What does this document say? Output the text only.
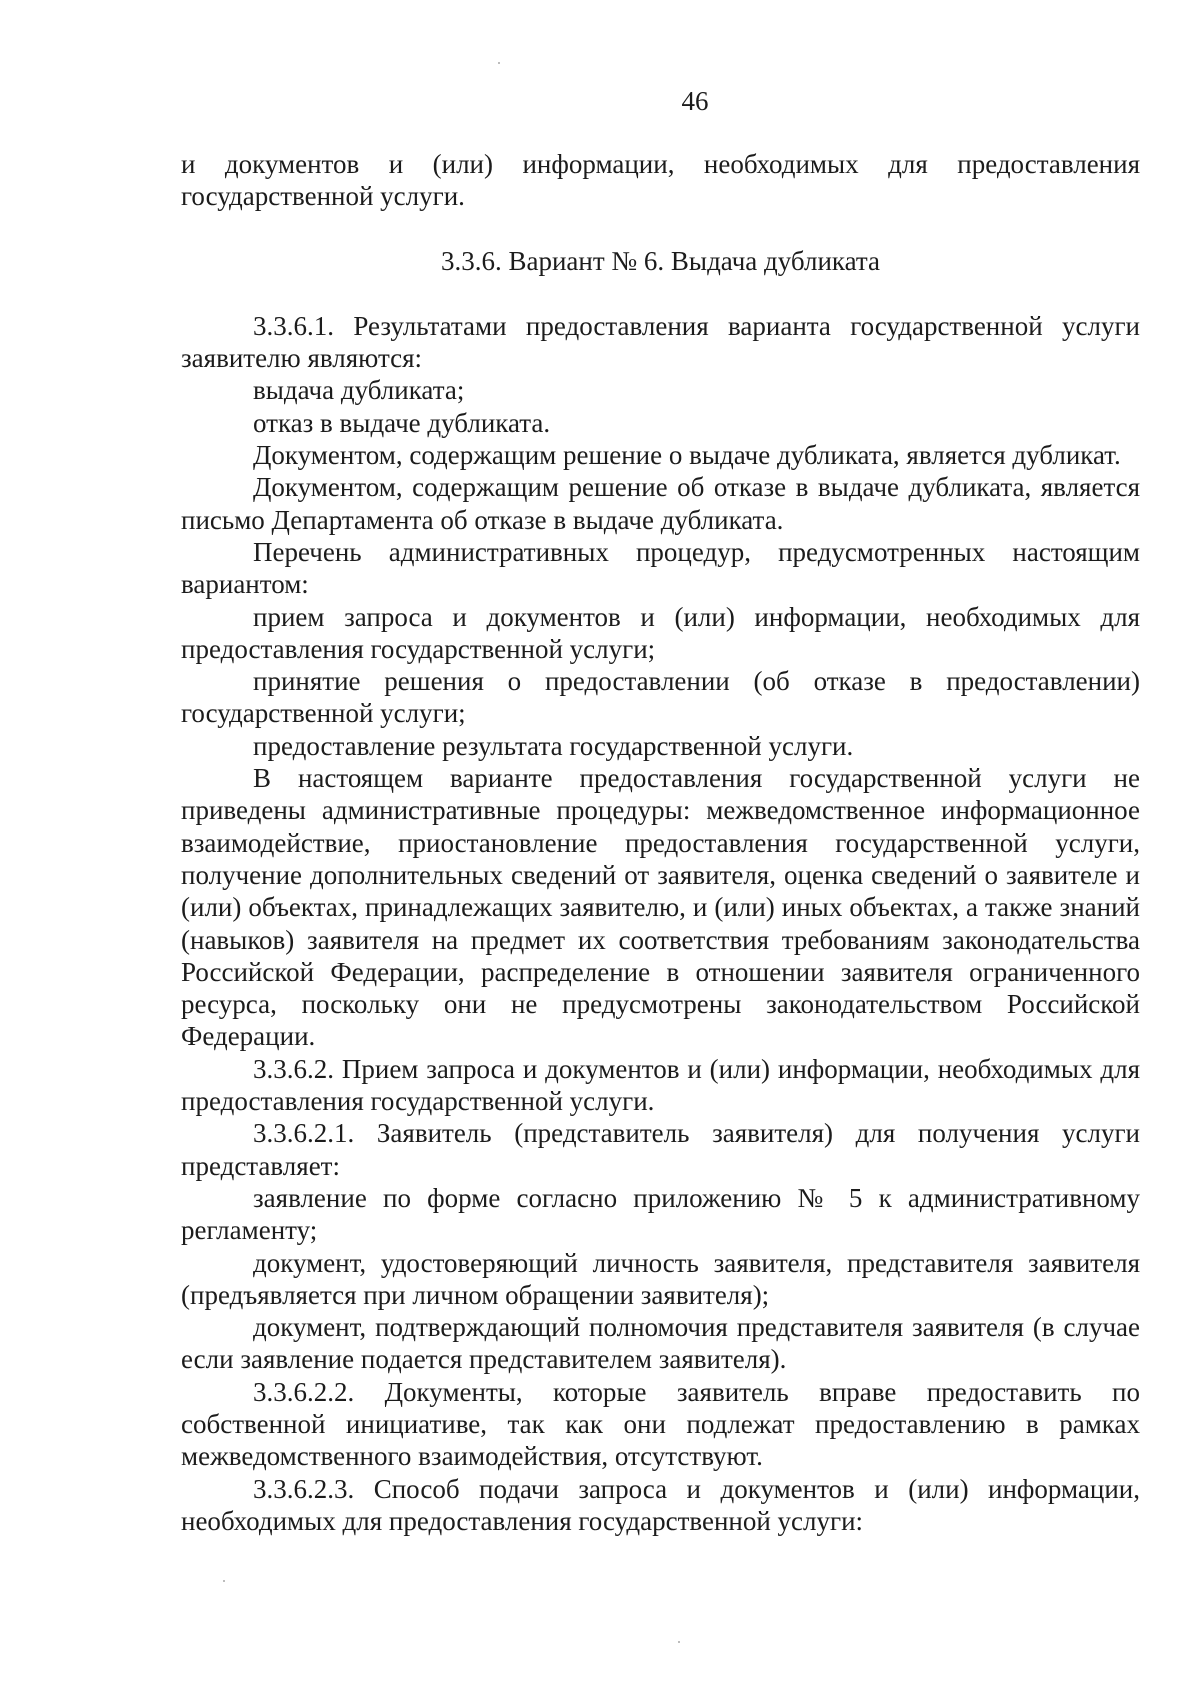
46

и документов и (или) информации, необходимых для предоставления государственной услуги.

3.3.6. Вариант № 6. Выдача дубликата

3.3.6.1. Результатами предоставления варианта государственной услуги заявителю являются:

выдача дубликата;

отказ в выдаче дубликата.

Документом, содержащим решение о выдаче дубликата, является дубликат.

Документом, содержащим решение об отказе в выдаче дубликата, является письмо Департамента об отказе в выдаче дубликата.

Перечень административных процедур, предусмотренных настоящим вариантом:

прием запроса и документов и (или) информации, необходимых для предоставления государственной услуги;

принятие решения о предоставлении (об отказе в предоставлении) государственной услуги;

предоставление результата государственной услуги.

В настоящем варианте предоставления государственной услуги не приведены административные процедуры: межведомственное информационное взаимодействие, приостановление предоставления государственной услуги, получение дополнительных сведений от заявителя, оценка сведений о заявителе и (или) объектах, принадлежащих заявителю, и (или) иных объектах, а также знаний (навыков) заявителя на предмет их соответствия требованиям законодательства Российской Федерации, распределение в отношении заявителя ограниченного ресурса, поскольку они не предусмотрены законодательством Российской Федерации.

3.3.6.2. Прием запроса и документов и (или) информации, необходимых для предоставления государственной услуги.

3.3.6.2.1. Заявитель (представитель заявителя) для получения услуги представляет:

заявление по форме согласно приложению № 5 к административному регламенту;

документ, удостоверяющий личность заявителя, представителя заявителя (предъявляется при личном обращении заявителя);

документ, подтверждающий полномочия представителя заявителя (в случае если заявление подается представителем заявителя).

3.3.6.2.2. Документы, которые заявитель вправе предоставить по собственной инициативе, так как они подлежат предоставлению в рамках межведомственного взаимодействия, отсутствуют.

3.3.6.2.3. Способ подачи запроса и документов и (или) информации, необходимых для предоставления государственной услуги:
